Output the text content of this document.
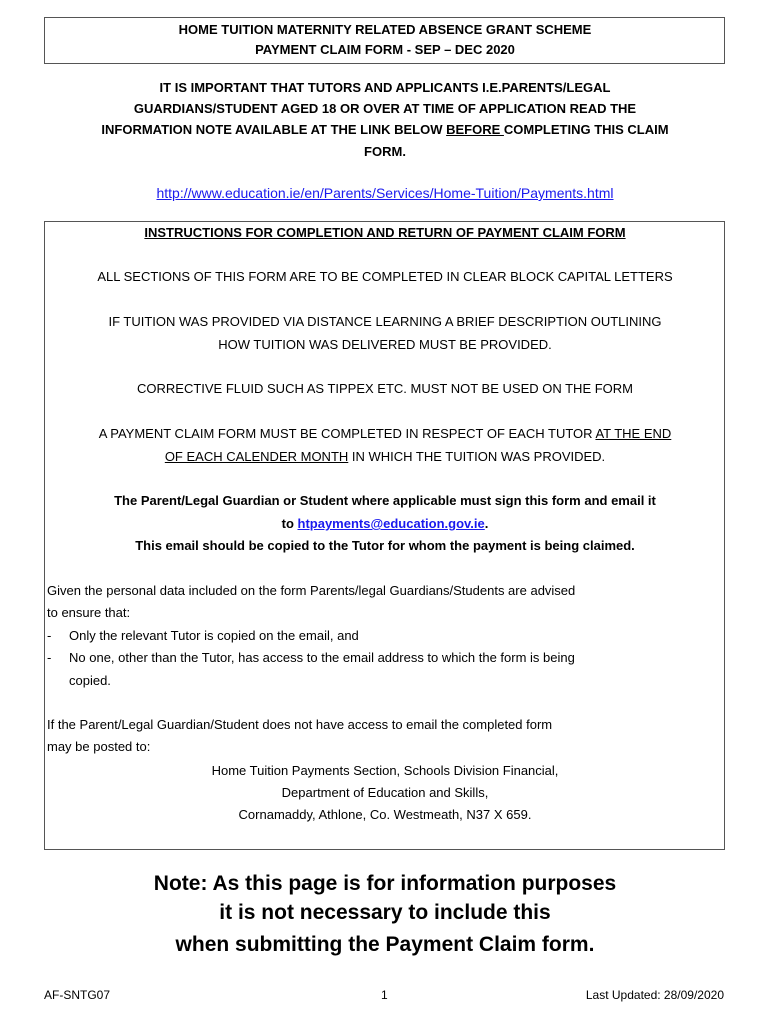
HOME TUITION MATERNITY RELATED ABSENCE GRANT SCHEME
PAYMENT CLAIM FORM - SEP – DEC 2020
IT IS IMPORTANT THAT TUTORS AND APPLICANTS I.E.PARENTS/LEGAL
GUARDIANS/STUDENT AGED 18 OR OVER AT TIME OF APPLICATION READ THE
INFORMATION NOTE AVAILABLE AT THE LINK BELOW BEFORE COMPLETING THIS CLAIM
FORM.
http://www.education.ie/en/Parents/Services/Home-Tuition/Payments.html
INSTRUCTIONS FOR COMPLETION AND RETURN OF PAYMENT CLAIM FORM
ALL SECTIONS OF THIS FORM ARE TO BE COMPLETED IN CLEAR BLOCK CAPITAL LETTERS
IF TUITION WAS PROVIDED VIA DISTANCE LEARNING A BRIEF DESCRIPTION OUTLINING
HOW TUITION WAS DELIVERED MUST BE PROVIDED.
CORRECTIVE FLUID SUCH AS TIPPEX ETC. MUST NOT BE USED ON THE FORM
A PAYMENT CLAIM FORM MUST BE COMPLETED IN RESPECT OF EACH TUTOR AT THE END
OF EACH CALENDER MONTH IN WHICH THE TUITION WAS PROVIDED.
The Parent/Legal Guardian or Student where applicable must sign this form and email it
to htpayments@education.gov.ie.
This email should be copied to the Tutor for whom the payment is being claimed.
Given the personal data included on the form Parents/legal Guardians/Students are advised
to ensure that:
- Only the relevant Tutor is copied on the email, and
- No one, other than the Tutor, has access to the email address to which the form is being
copied.
If the Parent/Legal Guardian/Student does not have access to email the completed form
may be posted to:
Home Tuition Payments Section, Schools Division Financial,
Department of Education and Skills,
Cornamaddy, Athlone, Co. Westmeath, N37 X 659.
Note: As this page is for information purposes
it is not necessary to include this
when submitting the Payment Claim form.
AF-SNTG07	1	Last Updated: 28/09/2020
